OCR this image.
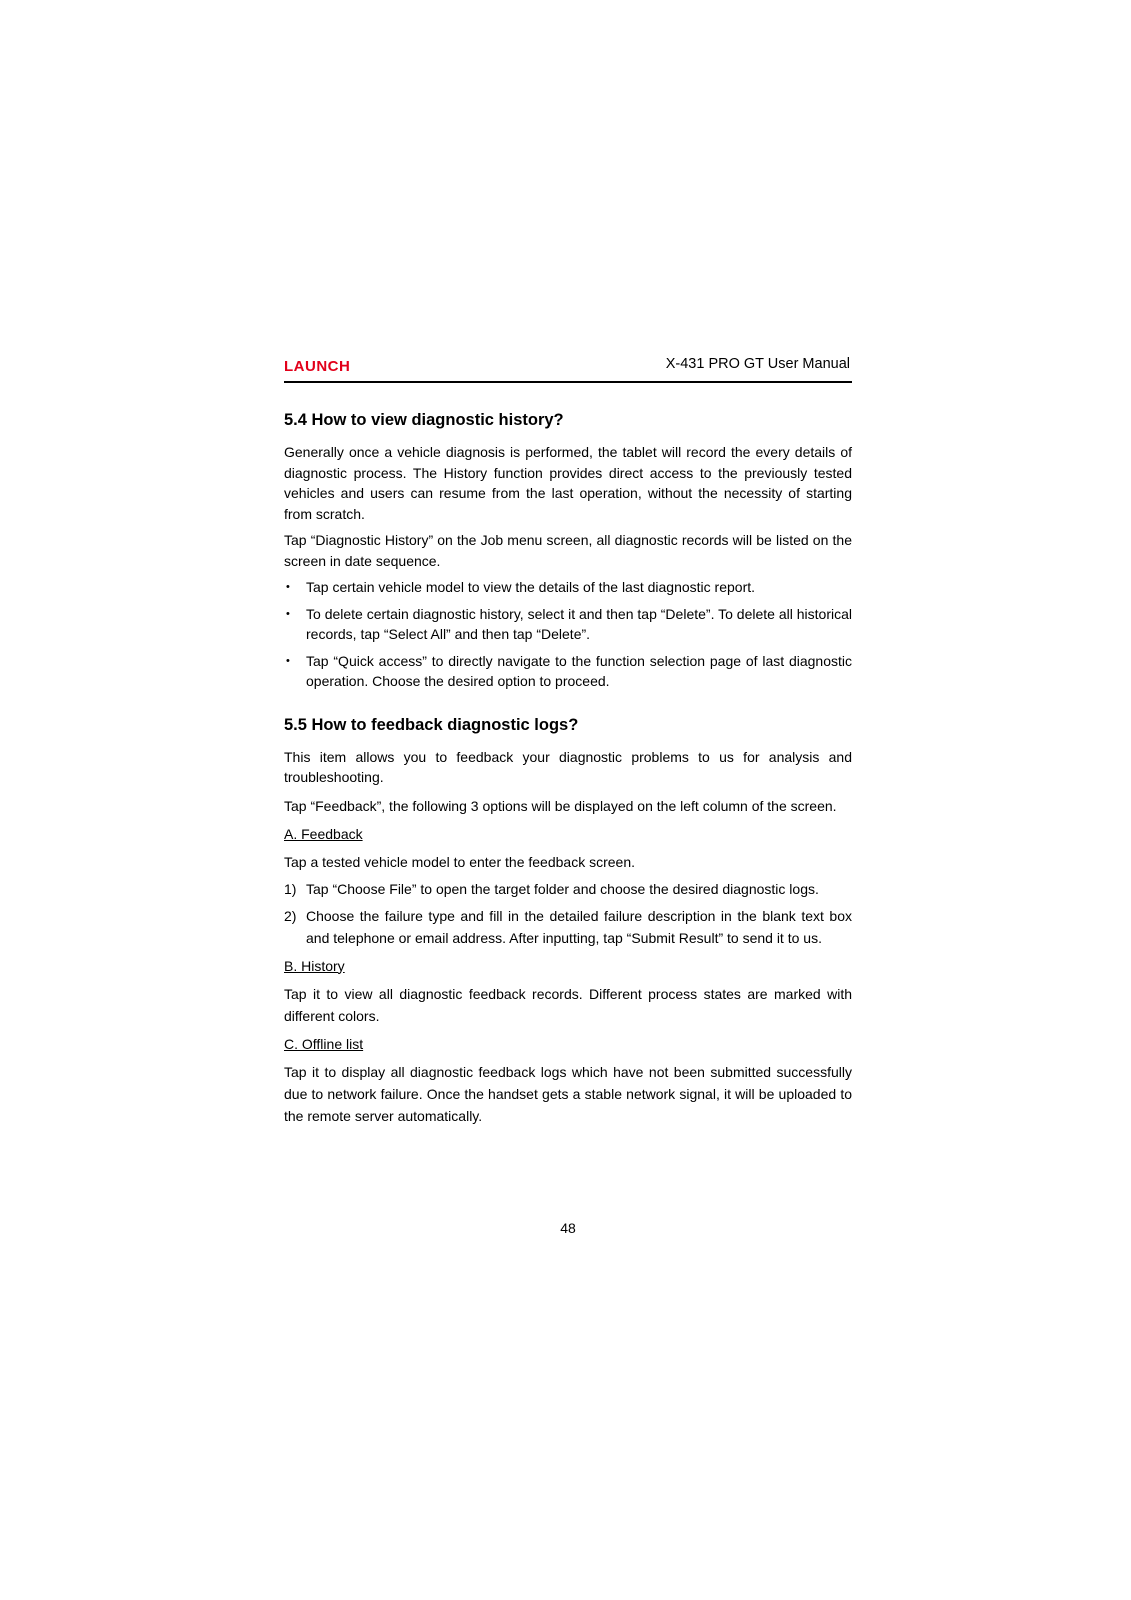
LAUNCH	X-431 PRO GT User Manual
5.4 How to view diagnostic history?

Generally once a vehicle diagnosis is performed, the tablet will record the every details of diagnostic process. The History function provides direct access to the previously tested vehicles and users can resume from the last operation, without the necessity of starting from scratch.

Tap “Diagnostic History” on the Job menu screen, all diagnostic records will be listed on the screen in date sequence.

• Tap certain vehicle model to view the details of the last diagnostic report.
• To delete certain diagnostic history, select it and then tap “Delete”. To delete all historical records, tap “Select All” and then tap “Delete”.
• Tap “Quick access” to directly navigate to the function selection page of last diagnostic operation. Choose the desired option to proceed.
5.5 How to feedback diagnostic logs?

This item allows you to feedback your diagnostic problems to us for analysis and troubleshooting.

Tap “Feedback”, the following 3 options will be displayed on the left column of the screen.

A. Feedback

Tap a tested vehicle model to enter the feedback screen.

1) Tap “Choose File” to open the target folder and choose the desired diagnostic logs.
2) Choose the failure type and fill in the detailed failure description in the blank text box and telephone or email address. After inputting, tap “Submit Result” to send it to us.
B. History

Tap it to view all diagnostic feedback records. Different process states are marked with different colors.

C. Offline list

Tap it to display all diagnostic feedback logs which have not been submitted successfully due to network failure. Once the handset gets a stable network signal, it will be uploaded to the remote server automatically.

48
